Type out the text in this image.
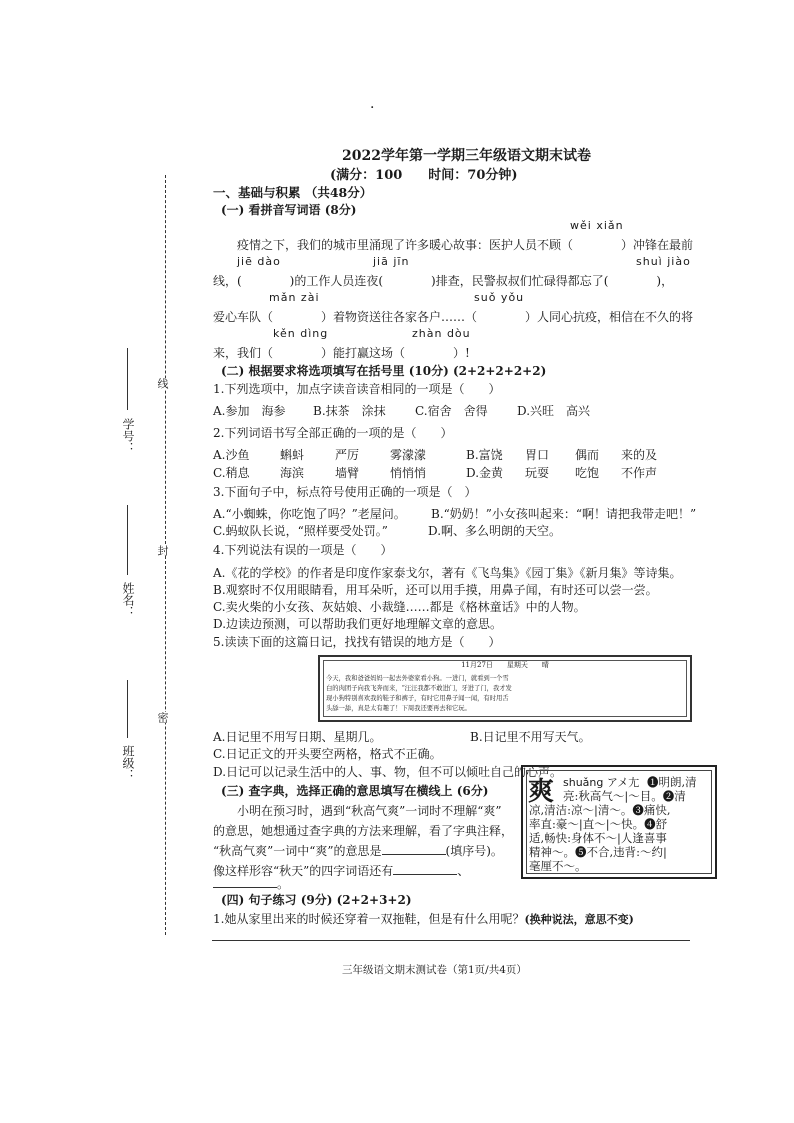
·
线
封
密
学号：
姓名：
班级：
2022学年第一学期三年级语文期末试卷
(满分：100　　时间：70分钟)
一、基础与积累 （共48分）
(一) 看拼音写词语 (8分)
wěi xiǎn
疫情之下，我们的城市里涌现了许多暖心故事：医护人员不顾（　　　　）冲锋在最前
jiē dào	jiā jīn	shuì jiào
线，(　　　　)的工作人员连夜(　　　　)排查，民警叔叔们忙碌得都忘了(　　　　)，
mǎn zài	suǒ yǒu
爱心车队（　　　　）着物资送往各家各户……（　　　　）人同心抗疫，相信在不久的将
kěn dìng	zhàn dòu
来，我们（　　　　）能打赢这场（　　　　）!
(二) 根据要求将选项填写在括号里 (10分) (2+2+2+2+2)
1.下列选项中，加点字读音读音相同的一项是（　　）
A.参加　海参 B.抹茶　涂抹 C.宿舍　舍得 D.兴旺　高兴
2.下列词语书写全部正确的一项的是（　　）
A.沙鱼	蝌蚪	严厉	雾濛濛	B.富饶 胃口 偶而 来的及
C.稍息	海滨	墙臂	悄悄悄	D.金黄 玩耍 吃饱 不作声
3.下面句子中，标点符号使用正确的一项是（　）
A.“小蜘蛛，你吃饱了吗？”老屋问。 B.“奶奶！”小女孩叫起来：“啊！请把我带走吧！”
C.蚂蚁队长说，“照样要受处罚。”	D.啊、多么明朗的天空。
4.下列说法有误的一项是（　　）
A.《花的学校》的作者是印度作家泰戈尔，著有《飞鸟集》《园丁集》《新月集》等诗集。
B.观察时不仅用眼睛看，用耳朵听，还可以用手摸，用鼻子闻，有时还可以尝一尝。
C.卖火柴的小女孩、灰姑娘、小裁缝……都是《格林童话》中的人物。
D.边读边预测，可以帮助我们更好地理解文章的意思。
5.读读下面的这篇日记，找找有错误的地方是（　　）
11月27日　　星期天　　晴
今天，我和爸爸妈妈一起去外婆家看小狗。一进门，就看到一个雪
白的肉团子向我飞奔而来，“汪汪我都不敢进门，牙进了门，我才发
现小狗特别喜欢我的鞋子和裤子，有时它用鼻子闻一闻，有时用舌
头舔一舔，真是太有趣了！下周我还要再去和它玩。
A.日记里不用写日期、星期几。	B.日记里不用写天气。
C.日记正文的开头要空两格，格式不正确。
D.日记可以记录生活中的人、事、物，但不可以倾吐自己的心声。
(三) 查字典，选择正确的意思填写在横线上 (6分)
小明在预习时，遇到“秋高气爽”一词时不理解“爽”
的意思，她想通过查字典的方法来理解，看了字典注释，
“秋高气爽”一词中“爽”的意思是	(填序号)。
像这样形容“秋天”的四字词语还有	、
。
爽 shuǎng アメ尢 ❶明朗,清
亮:秋高气～|～目。❷清
凉,清洁:凉～|清～。❸痛快,
率直:豪～|直～|～快。❹舒
适,畅快:身体不～|人逢喜事
精神～。❺不合,违背:～约|
毫厘不～。
(四) 句子练习 (9分) (2+2+3+2)
1.她从家里出来的时候还穿着一双拖鞋，但是有什么用呢？(换种说法，意思不变)
三年级语文期末测试卷（第1页/共4页）
